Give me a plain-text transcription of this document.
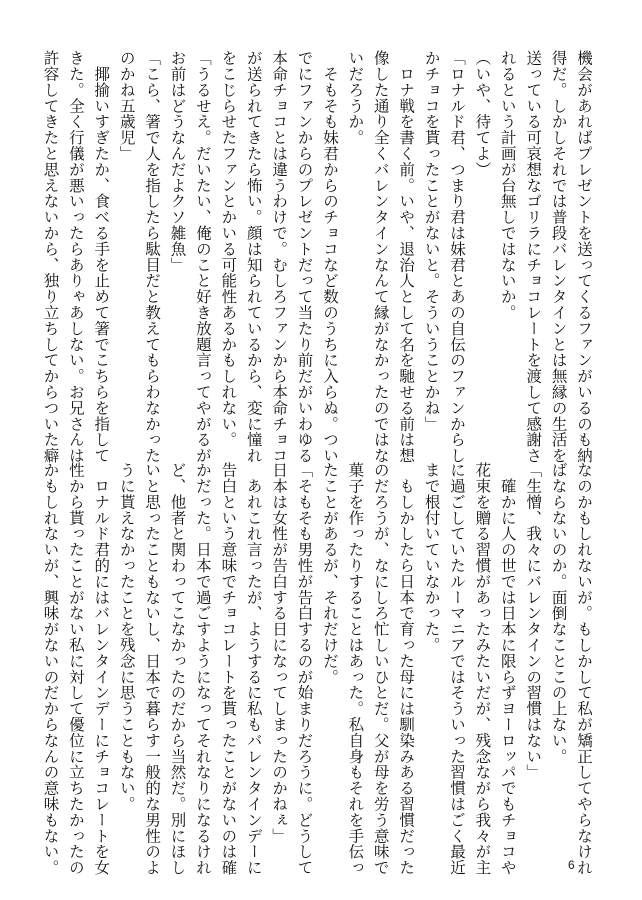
機会があればプレゼントを送ってくるファンがいるのも納
得だ。しかしそれでは普段バレンタインとは無縁の生活を
送っている可哀想なゴリラにチョコレートを渡して感謝さ
れるという計画が台無しではないか。
（いや、待てよ）
「ロナルド君、つまり君は妹君とあの自伝のファンからし
かチョコを貰ったことがないと。そういうことかね」
　ロナ戦を書く前。いや、退治人として名を馳せる前は想
像した通り全くバレンタインなんて縁がなかったのではな
いだろうか。
　そもそも妹君からのチョコなど数のうちに入らぬ。つい
でにファンからのプレゼントだって当たり前だがいわゆる
本命チョコとは違うわけで。むしろファンから本命チョコ
が送られてきたら怖い。顔は知られているから、変に憧れ
をこじらせたファンとかいる可能性あるかもしれない。
「うるせえ。だいたい、俺のこと好き放題言ってやがるが
お前はどうなんだよクソ雑魚」
「こら、箸で人を指したら駄目だと教えてもらわなかった
のかね五歳児」
　揶揄いすぎたか、食べる手を止めて箸でこちらを指して
きた。全く行儀が悪いったらありゃあしない。お兄さんは
許容してきたと思えないから、独り立ちしてからついた癖
なのかもしれないが。もしかして私が矯正してやらなけれ
ばならないのか。面倒なことこの上ない。
「生憎、我々にバレンタインの習慣はない」
　確かに人の世では日本に限らずヨーロッパでもチョコや
花束を贈る習慣があったみたいだが、残念ながら我々が主
に過ごしていたルーマニアではそういった習慣はごく最近
まで根付いていなかった。
　もしかしたら日本で育った母には馴染みある習慣だった
のだろうが、なにしろ忙しいひとだ。父が母を労う意味で
菓子を作ったりすることはあった。私自身もそれを手伝っ
たことがあるが、それだけだ。
「そもそも男性が告白するのが始まりだろうに。どうして
日本は女性が告白する日になってしまったのかねぇ」
　あれこれ言ったが、ようするに私もバレンタインデーに
告白という意味でチョコレートを貰ったことがないのは確
かだった。日本で過ごすようになってそれなりになるけれ
ど、他者と関わってこなかったのだから当然だ。別にほし
いと思ったこともないし、日本で暮らす一般的な男性のよ
うに貰えなかったことを残念に思うこともない。
　ロナルド君的にはバレンタインデーにチョコレートを女
性から貰ったことがない私に対して優位に立ちたかったの
かもしれないが、興味がないのだからなんの意味もない。	6
